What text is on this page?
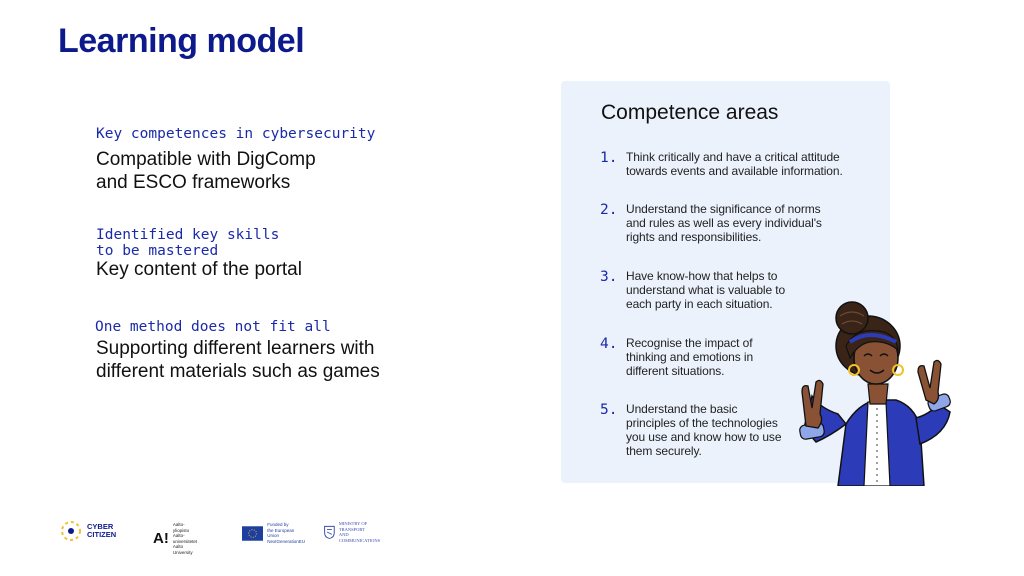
Learning model
Key competences in cybersecurity
Compatible with DigComp
and ESCO frameworks
Identified key skills
to be mastered
Key content of the portal
One method does not fit all
Supporting different learners with
different materials such as games
Competence areas
1. Think critically and have a critical attitude
towards events and available information.
2. Understand the significance of norms
and rules as well as every individual's
rights and responsibilities.
3. Have know-how that helps to
understand what is valuable to
each party in each situation.
4. Recognise the impact of
thinking and emotions in
different situations.
5. Understand the basic
principles of the technologies
you use and know how to use
them securely.
CYBER
CITIZEN A!
Aalto-yliopisto
Aalto-universitetet
Aalto University
Funded by
the European Union
NextGenerationEU
MINISTRY OF TRANSPORT
AND COMMUNICATIONS
